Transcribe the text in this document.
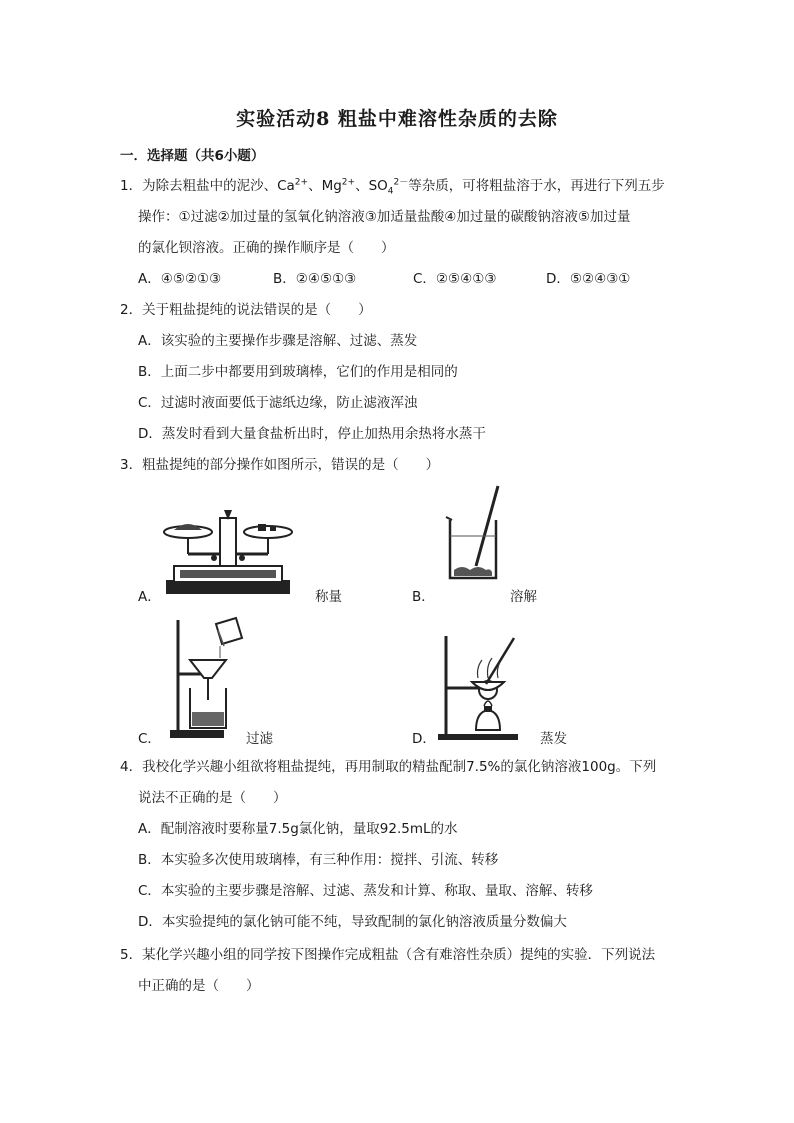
实验活动8 粗盐中难溶性杂质的去除
一．选择题（共6小题）
1．为除去粗盐中的泥沙、$Ca^{2+}$、$Mg^{2+}$、$SO_4^{2-}$等杂质，可将粗盐溶于水，再进行下列五步
操作：①过滤②加过量的氢氧化钠溶液③加适量盐酸④加过量的碳酸钠溶液⑤加过量
的氯化钡溶液。正确的操作顺序是（　　）
A．④⑤②①③	B．②④⑤①③	C．②⑤④①③	D．⑤②④③①
2．关于粗盐提纯的说法错误的是（　　）
A．该实验的主要操作步骤是溶解、过滤、蒸发
B．上面二步中都要用到玻璃棒，它们的作用是相同的
C．过滤时液面要低于滤纸边缘，防止滤液浑浊
D．蒸发时看到大量食盐析出时，停止加热用余热将水蒸干
3．粗盐提纯的部分操作如图所示，错误的是（　　）
A．	称量	B．	溶解
C．	过滤	D．	蒸发
4．我校化学兴趣小组欲将粗盐提纯，再用制取的精盐配制7.5%的氯化钠溶液100g。下列
说法不正确的是（　　）
A．配制溶液时要称量7.5g氯化钠，量取92.5mL的水
B．本实验多次使用玻璃棒，有三种作用：搅拌、引流、转移
C．本实验的主要步骤是溶解、过滤、蒸发和计算、称取、量取、溶解、转移
D．本实验提纯的氯化钠可能不纯，导致配制的氯化钠溶液质量分数偏大
5．某化学兴趣小组的同学按下图操作完成粗盐（含有难溶性杂质）提纯的实验．下列说法
中正确的是（　　）
